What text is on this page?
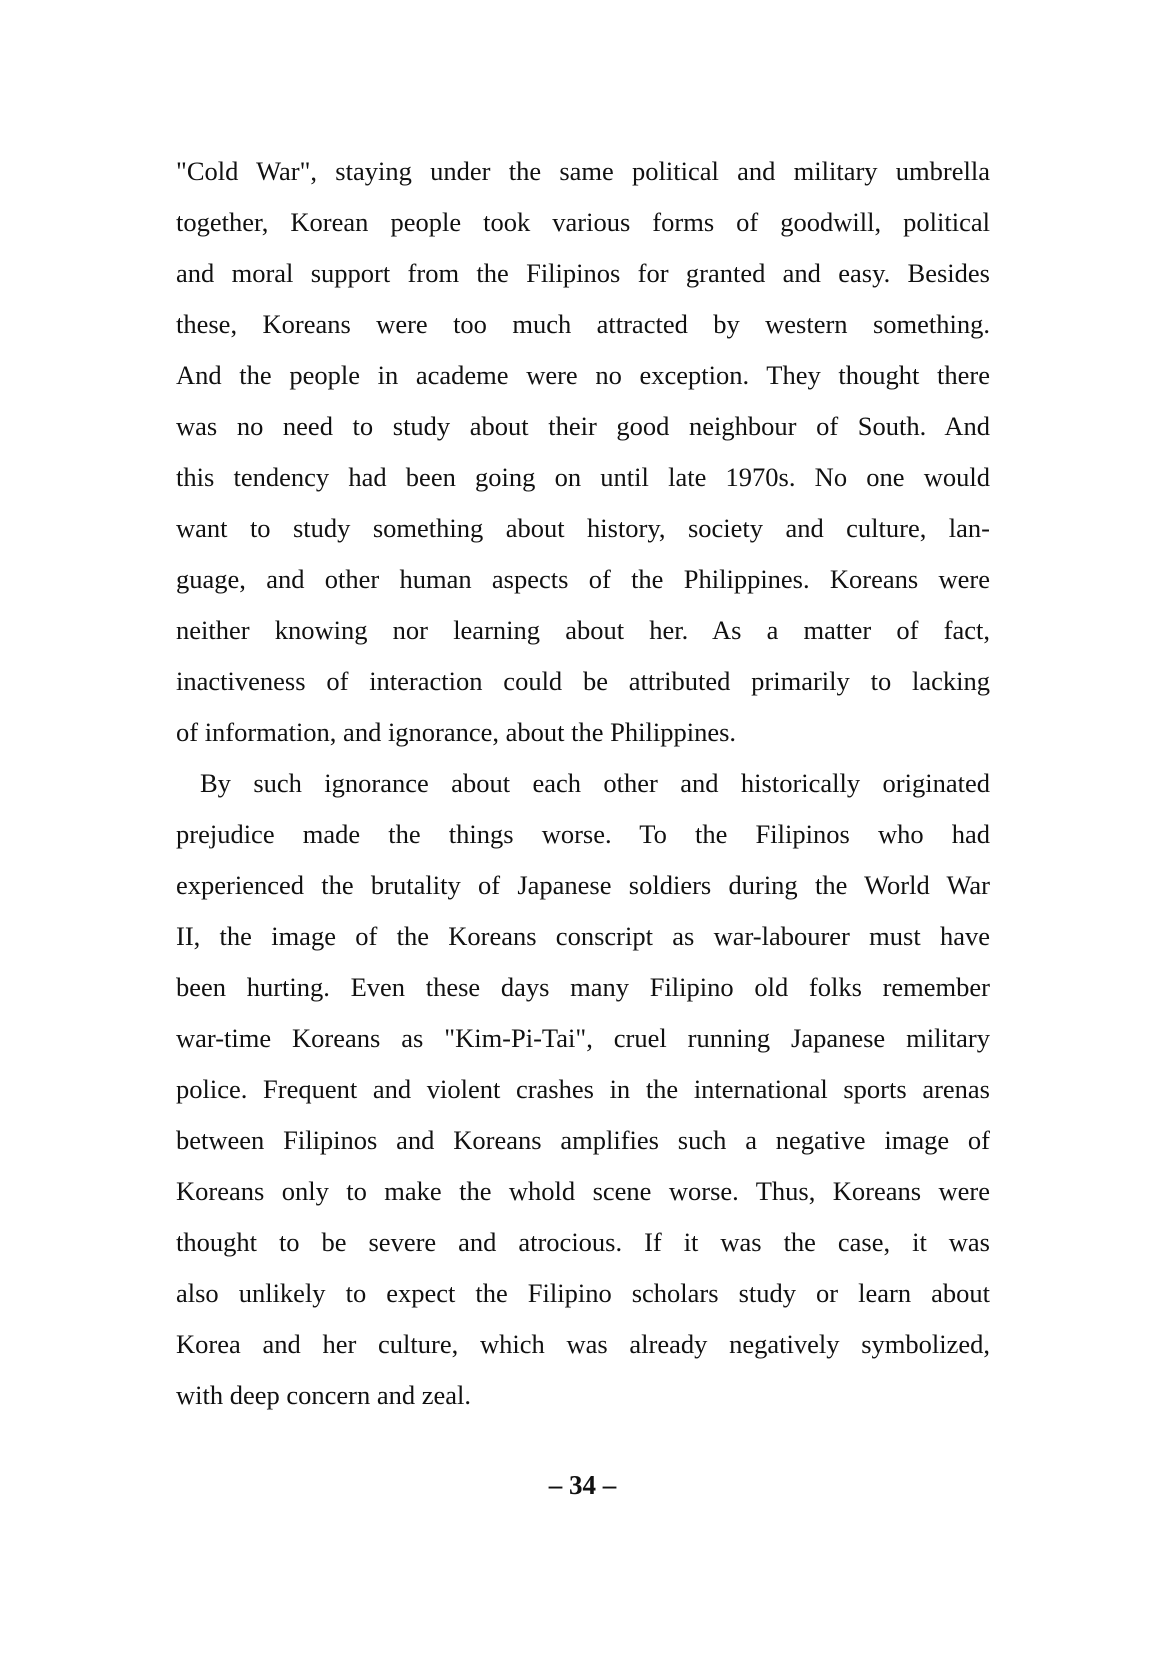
"Cold War", staying under the same political and military umbrella
together, Korean people took various forms of goodwill, political
and moral support from the Filipinos for granted and easy. Besides
these, Koreans were too much attracted by western something.
And the people in academe were no exception. They thought there
was no need to study about their good neighbour of South. And
this tendency had been going on until late 1970s. No one would
want to study something about history, society and culture, lan-
guage, and other human aspects of the Philippines. Koreans were
neither knowing nor learning about her. As a matter of fact,
inactiveness of interaction could be attributed primarily to lacking
of information, and ignorance, about the Philippines.
By such ignorance about each other and historically originated
prejudice made the things worse. To the Filipinos who had
experienced the brutality of Japanese soldiers during the World War
II, the image of the Koreans conscript as war-labourer must have
been hurting. Even these days many Filipino old folks remember
war-time Koreans as "Kim-Pi-Tai", cruel running Japanese military
police. Frequent and violent crashes in the international sports arenas
between Filipinos and Koreans amplifies such a negative image of
Koreans only to make the whold scene worse. Thus, Koreans were
thought to be severe and atrocious. If it was the case, it was
also unlikely to expect the Filipino scholars study or learn about
Korea and her culture, which was already negatively symbolized,
with deep concern and zeal.
– 34 –
